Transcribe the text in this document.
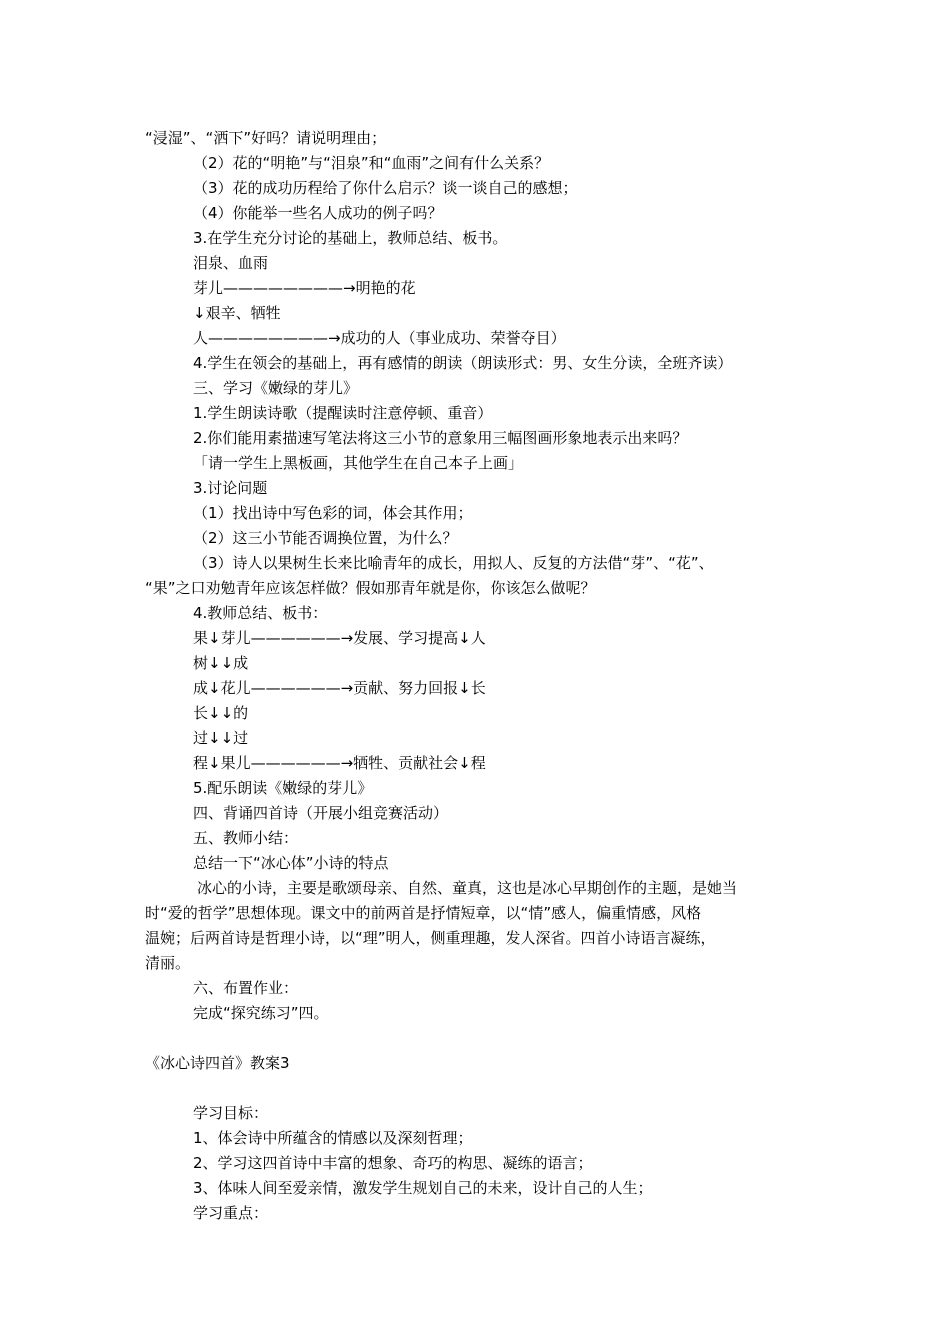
“浸湿”、“洒下”好吗？请说明理由；
（2）花的“明艳”与“泪泉”和“血雨”之间有什么关系？
（3）花的成功历程给了你什么启示？谈一谈自己的感想；
（4）你能举一些名人成功的例子吗？
3.在学生充分讨论的基础上，教师总结、板书。
泪泉、血雨
芽儿————————→明艳的花
↓艰辛、牺牲
人————————→成功的人（事业成功、荣誉夺目）
4.学生在领会的基础上，再有感情的朗读（朗读形式：男、女生分读，全班齐读）
三、学习《嫩绿的芽儿》
1.学生朗读诗歌（提醒读时注意停顿、重音）
2.你们能用素描速写笔法将这三小节的意象用三幅图画形象地表示出来吗？
「请一学生上黑板画，其他学生在自己本子上画」
3.讨论问题
（1）找出诗中写色彩的词，体会其作用；
（2）这三小节能否调换位置，为什么？
（3）诗人以果树生长来比喻青年的成长，用拟人、反复的方法借“芽”、“花”、
“果”之口劝勉青年应该怎样做？假如那青年就是你，你该怎么做呢？
4.教师总结、板书：
果↓芽儿——————→发展、学习提高↓人
树↓↓成
成↓花儿——————→贡献、努力回报↓长
长↓↓的
过↓↓过
程↓果儿——————→牺牲、贡献社会↓程
5.配乐朗读《嫩绿的芽儿》
四、背诵四首诗（开展小组竞赛活动）
五、教师小结：
总结一下“冰心体”小诗的特点
冰心的小诗，主要是歌颂母亲、自然、童真，这也是冰心早期创作的主题，是她当
时“爱的哲学”思想体现。课文中的前两首是抒情短章，以“情”感人，偏重情感，风格
温婉；后两首诗是哲理小诗，以“理”明人，侧重理趣，发人深省。四首小诗语言凝练，
清丽。
六、布置作业：
完成“探究练习”四。
《冰心诗四首》教案3
学习目标：
1、体会诗中所蕴含的情感以及深刻哲理；
2、学习这四首诗中丰富的想象、奇巧的构思、凝练的语言；
3、体味人间至爱亲情，激发学生规划自己的未来，设计自己的人生；
学习重点：
